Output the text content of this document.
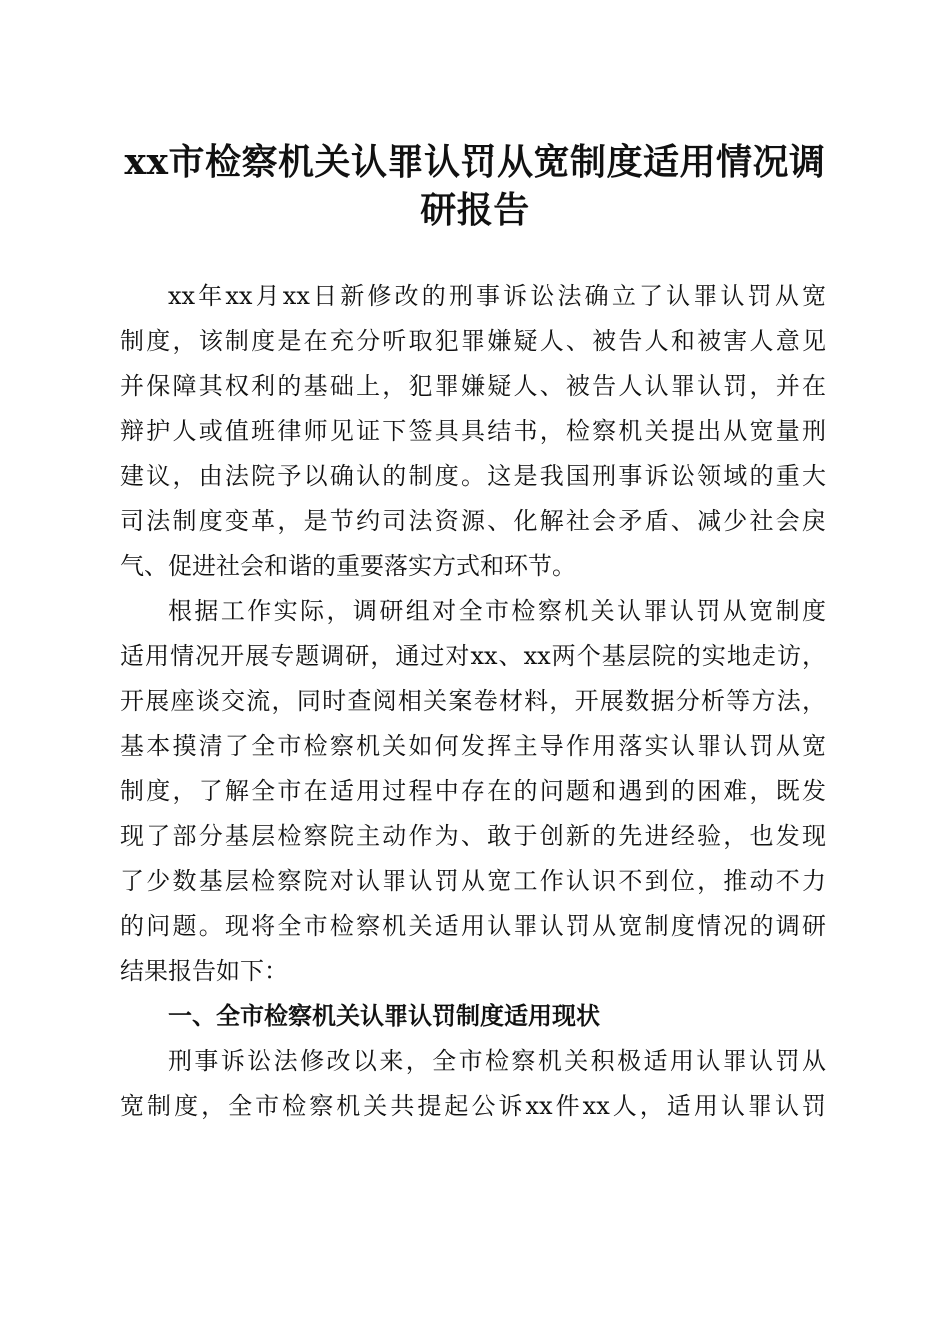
xx市检察机关认罪认罚从宽制度适用情况调
研报告

xx年xx月xx日新修改的刑事诉讼法确立了认罪认罚从宽

制度，该制度是在充分听取犯罪嫌疑人、被告人和被害人意见

并保障其权利的基础上，犯罪嫌疑人、被告人认罪认罚，并在

辩护人或值班律师见证下签具具结书，检察机关提出从宽量刑

建议，由法院予以确认的制度。这是我国刑事诉讼领域的重大

司法制度变革，是节约司法资源、化解社会矛盾、减少社会戾

气、促进社会和谐的重要落实方式和环节。

根据工作实际，调研组对全市检察机关认罪认罚从宽制度

适用情况开展专题调研，通过对xx、xx两个基层院的实地走访，

开展座谈交流，同时查阅相关案卷材料，开展数据分析等方法，

基本摸清了全市检察机关如何发挥主导作用落实认罪认罚从宽

制度，了解全市在适用过程中存在的问题和遇到的困难，既发

现了部分基层检察院主动作为、敢于创新的先进经验，也发现

了少数基层检察院对认罪认罚从宽工作认识不到位，推动不力

的问题。现将全市检察机关适用认罪认罚从宽制度情况的调研

结果报告如下：

一、全市检察机关认罪认罚制度适用现状

刑事诉讼法修改以来，全市检察机关积极适用认罪认罚从

宽制度，全市检察机关共提起公诉xx件xx人，适用认罪认罚
